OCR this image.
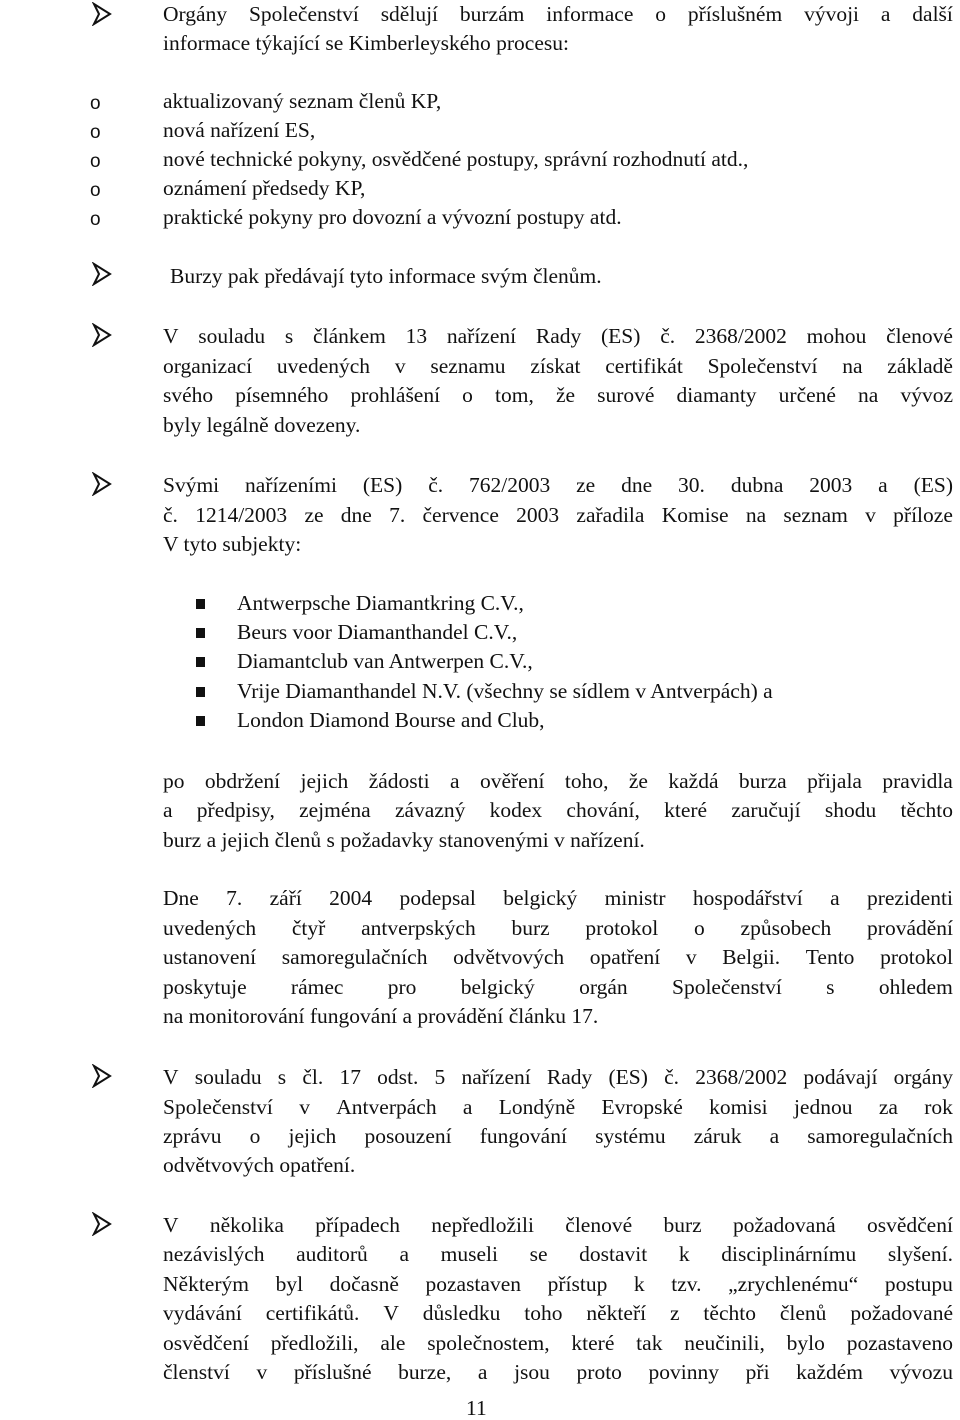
Orgány Společenství sdělují burzám informace o příslušném vývoji a další
informace týkající se Kimberleyského procesu:
o	aktualizovaný seznam členů KP,
o	nová nařízení ES,
o	nové technické pokyny, osvědčené postupy, správní rozhodnutí atd.,
o	oznámení předsedy KP,
o	praktické pokyny pro dovozní a vývozní postupy atd.
Burzy pak předávají tyto informace svým členům.
V souladu s článkem 13 nařízení Rady (ES) č. 2368/2002 mohou členové
organizací uvedených v seznamu získat certifikát Společenství na základě
svého písemného prohlášení o tom, že surové diamanty určené na vývoz
byly legálně dovezeny.
Svými nařízeními (ES) č. 762/2003 ze dne 30. dubna 2003 a (ES)
č. 1214/2003 ze dne 7. července 2003 zařadila Komise na seznam v příloze
V tyto subjekty:
Antwerpsche Diamantkring C.V.,
Beurs voor Diamanthandel C.V.,
Diamantclub van Antwerpen C.V.,
Vrije Diamanthandel N.V. (všechny se sídlem v Antverpách) a
London Diamond Bourse and Club,
po obdržení jejich žádosti a ověření toho, že každá burza přijala pravidla
a předpisy, zejména závazný kodex chování, které zaručují shodu těchto
burz a jejich členů s požadavky stanovenými v nařízení.
Dne 7. září 2004 podepsal belgický ministr hospodářství a prezidenti
uvedených čtyř antverpských burz protokol o způsobech provádění
ustanovení samoregulačních odvětvových opatření v Belgii. Tento protokol
poskytuje rámec pro belgický orgán Společenství s ohledem
na monitorování fungování a provádění článku 17.
V souladu s čl. 17 odst. 5 nařízení Rady (ES) č. 2368/2002 podávají orgány
Společenství v Antverpách a Londýně Evropské komisi jednou za rok
zprávu o jejich posouzení fungování systému záruk a samoregulačních
odvětvových opatření.
V několika případech nepředložili členové burz požadovaná osvědčení
nezávislých auditorů a museli se dostavit k disciplinárnímu slyšení.
Některým byl dočasně pozastaven přístup k tzv. „zrychlenému“ postupu
vydávání certifikátů. V důsledku toho někteří z těchto členů požadované
osvědčení předložili, ale společnostem, které tak neučinili, bylo pozastaveno
členství v příslušné burze, a jsou proto povinny při každém vývozu
11
